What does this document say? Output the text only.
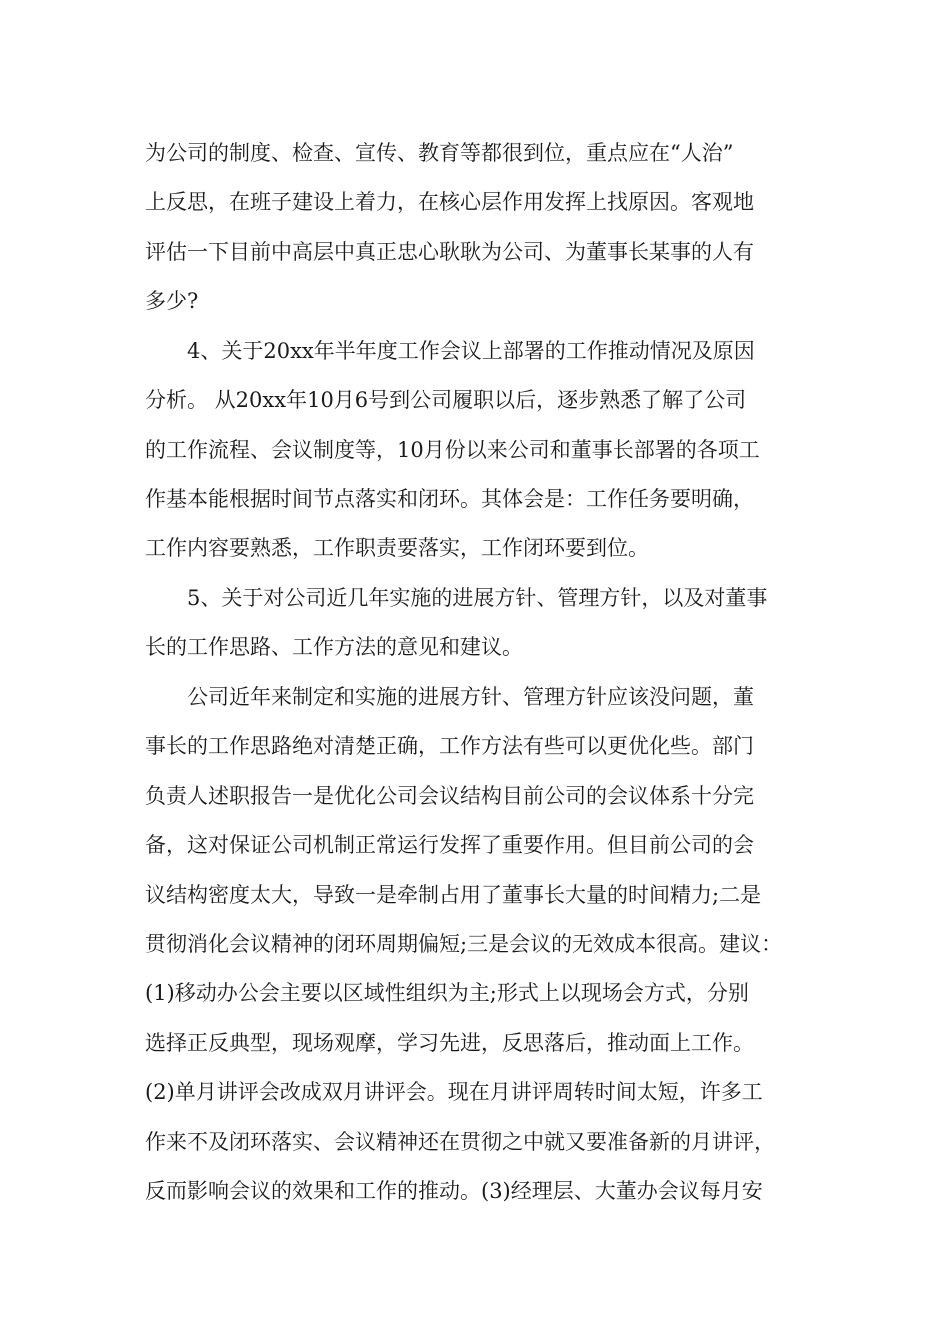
为公司的制度、检查、宣传、教育等都很到位，重点应在“人治”
上反思，在班子建设上着力，在核心层作用发挥上找原因。客观地
评估一下目前中高层中真正忠心耿耿为公司、为董事长某事的人有
多少?
4、关于20xx年半年度工作会议上部署的工作推动情况及原因
分析。 从20xx年10月6号到公司履职以后，逐步熟悉了解了公司
的工作流程、会议制度等，10月份以来公司和董事长部署的各项工
作基本能根据时间节点落实和闭环。其体会是：工作任务要明确，
工作内容要熟悉，工作职责要落实，工作闭环要到位。
5、关于对公司近几年实施的进展方针、管理方针，以及对董事
长的工作思路、工作方法的意见和建议。
公司近年来制定和实施的进展方针、管理方针应该没问题，董
事长的工作思路绝对清楚正确，工作方法有些可以更优化些。部门
负责人述职报告一是优化公司会议结构目前公司的会议体系十分完
备，这对保证公司机制正常运行发挥了重要作用。但目前公司的会
议结构密度太大，导致一是牵制占用了董事长大量的时间精力;二是
贯彻消化会议精神的闭环周期偏短;三是会议的无效成本很高。建议：
(1)移动办公会主要以区域性组织为主;形式上以现场会方式，分别
选择正反典型，现场观摩，学习先进，反思落后，推动面上工作。
(2)单月讲评会改成双月讲评会。现在月讲评周转时间太短，许多工
作来不及闭环落实、会议精神还在贯彻之中就又要准备新的月讲评，
反而影响会议的效果和工作的推动。(3)经理层、大董办会议每月安
